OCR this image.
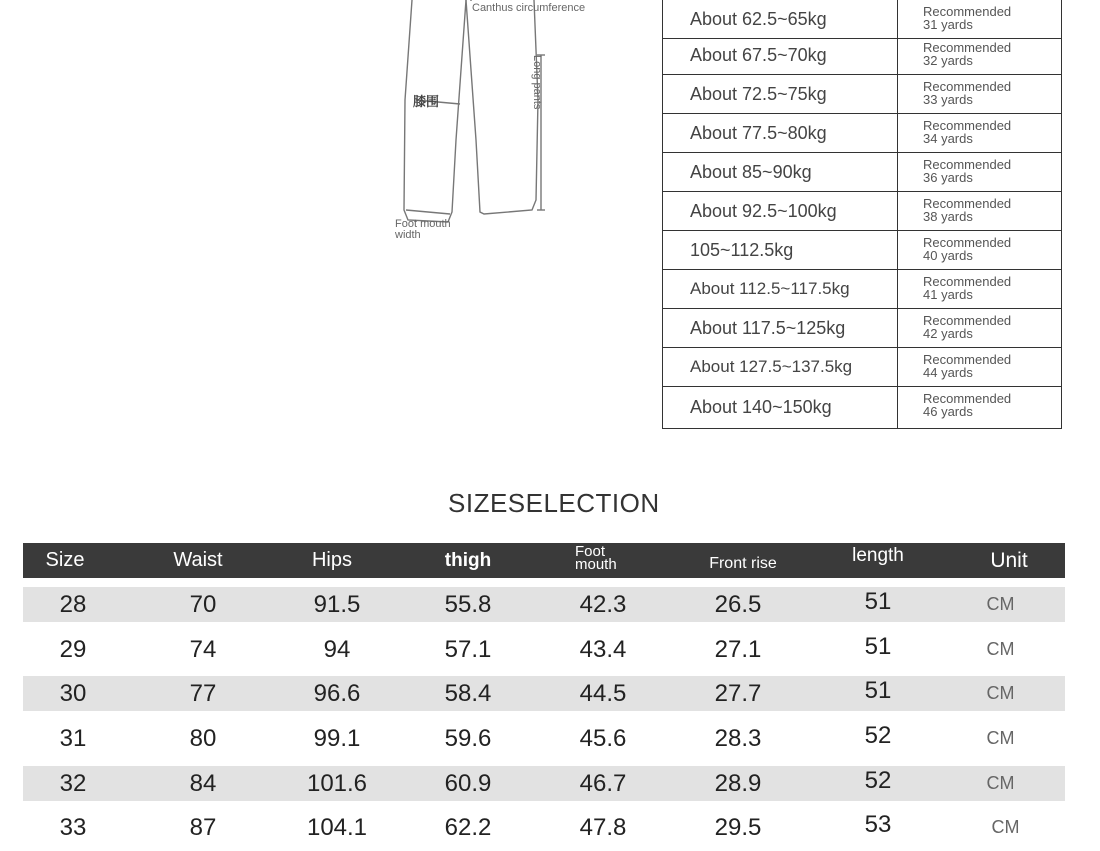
Canthus circumference
膝围	Long pants
Foot mouth width
About 62.5~65kg	Recommended
31 yards
About 67.5~70kg	Recommended
32 yards
About 72.5~75kg	Recommended
33 yards
About 77.5~80kg	Recommended
34 yards
About 85~90kg	Recommended
36 yards
About 92.5~100kg	Recommended
38 yards
105~112.5kg	Recommended
40 yards
About 112.5~117.5kg	Recommended
41 yards
About 117.5~125kg	Recommended
42 yards
About 127.5~137.5kg	Recommended
44 yards
About 140~150kg	Recommended
46 yards
SIZESELECTION
Size	Waist	Hips	thigh	Foot mouth	Front rise	length	Unit
28	70	91.5	55.8	42.3	26.5	51	CM
29	74	94	57.1	43.4	27.1	51	CM
30	77	96.6	58.4	44.5	27.7	51	CM
31	80	99.1	59.6	45.6	28.3	52	CM
32	84	101.6	60.9	46.7	28.9	52	CM
33	87	104.1	62.2	47.8	29.5	53	CM
